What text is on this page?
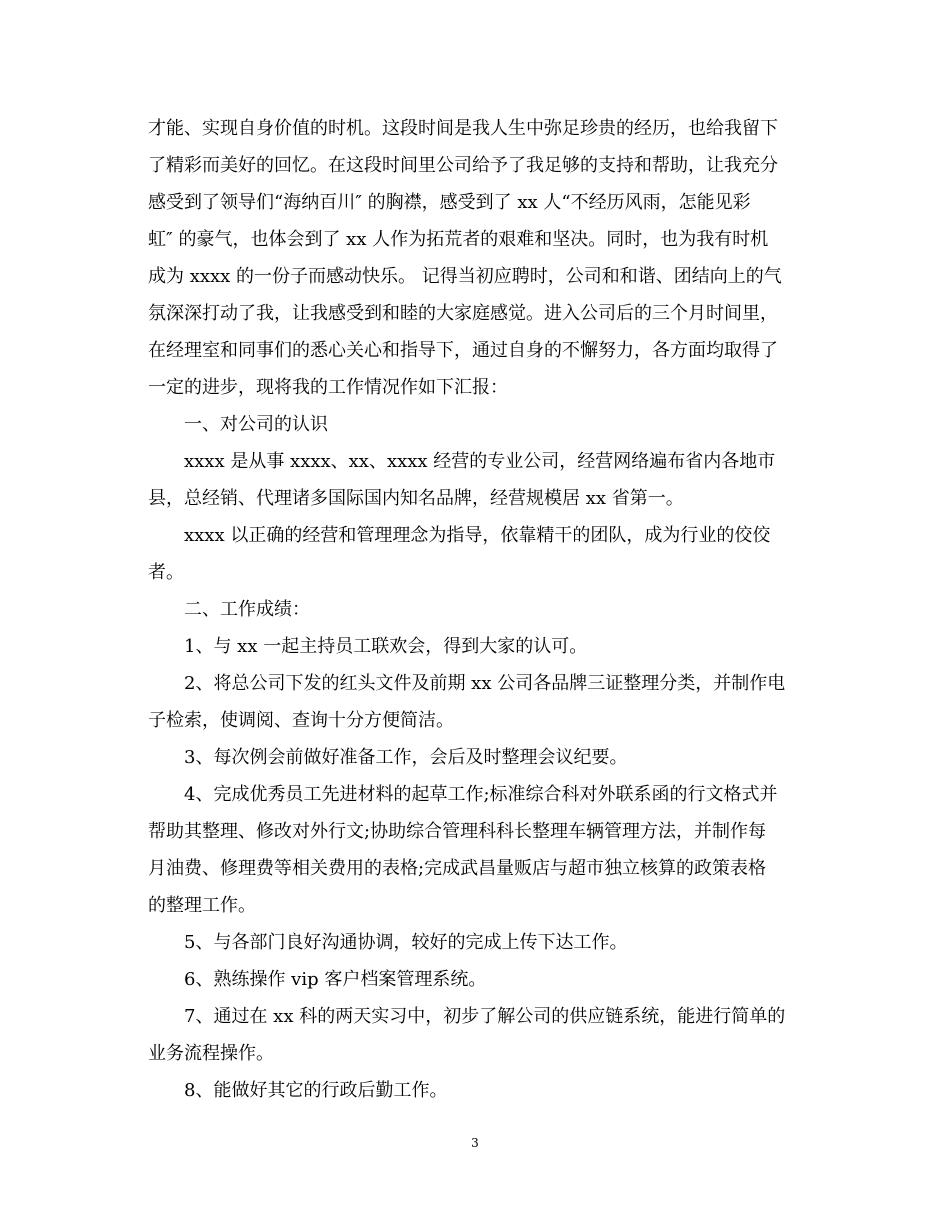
才能、实现自身价值的时机。这段时间是我人生中弥足珍贵的经历，也给我留下
了精彩而美好的回忆。在这段时间里公司给予了我足够的支持和帮助，让我充分
感受到了领导们“海纳百川″ 的胸襟，感受到了 xx 人“不经历风雨，怎能见彩
虹″ 的豪气，也体会到了 xx 人作为拓荒者的艰难和坚决。同时，也为我有时机
成为 xxxx 的一份子而感动快乐。 记得当初应聘时，公司和和谐、团结向上的气
氛深深打动了我，让我感受到和睦的大家庭感觉。进入公司后的三个月时间里，
在经理室和同事们的悉心关心和指导下，通过自身的不懈努力，各方面均取得了
一定的进步，现将我的工作情况作如下汇报：
一、对公司的认识
xxxx 是从事 xxxx、xx、xxxx 经营的专业公司，经营网络遍布省内各地市
县，总经销、代理诸多国际国内知名品牌，经营规模居 xx 省第一。
xxxx 以正确的经营和管理理念为指导，依靠精干的团队，成为行业的佼佼
者。
二、工作成绩：
1、与 xx 一起主持员工联欢会，得到大家的认可。
2、将总公司下发的红头文件及前期 xx 公司各品牌三证整理分类，并制作电
子检索，使调阅、查询十分方便简洁。
3、每次例会前做好准备工作，会后及时整理会议纪要。
4、完成优秀员工先进材料的起草工作;标准综合科对外联系函的行文格式并
帮助其整理、修改对外行文;协助综合管理科科长整理车辆管理方法，并制作每
月油费、修理费等相关费用的表格;完成武昌量贩店与超市独立核算的政策表格
的整理工作。
5、与各部门良好沟通协调，较好的完成上传下达工作。
6、熟练操作 vip 客户档案管理系统。
7、通过在 xx 科的两天实习中，初步了解公司的供应链系统，能进行简单的
业务流程操作。
8、能做好其它的行政后勤工作。
3
